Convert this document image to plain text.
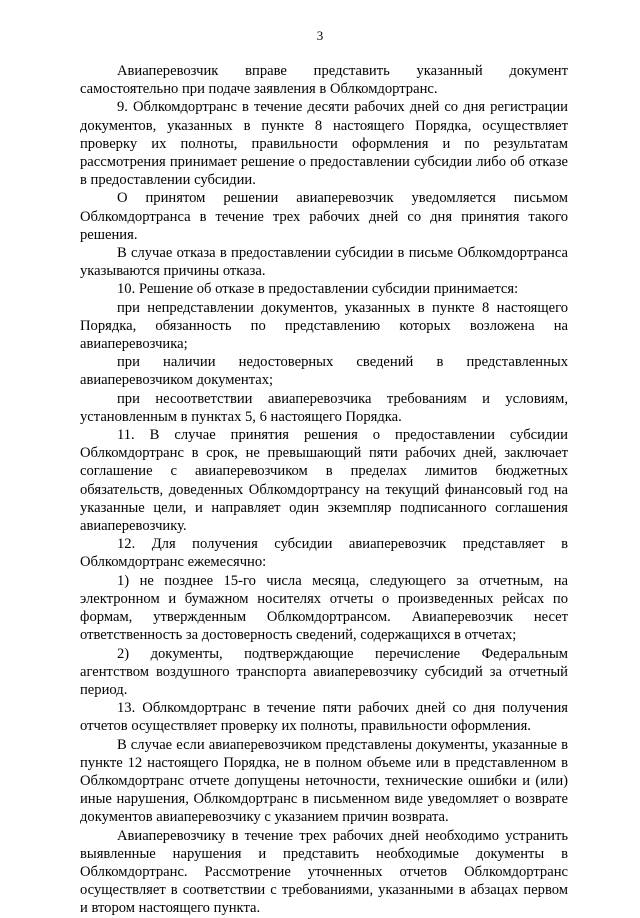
3

Авиаперевозчик вправе представить указанный документ самостоятельно при подаче заявления в Облкомдортранс.

9. Облкомдортранс в течение десяти рабочих дней со дня регистрации документов, указанных в пункте 8 настоящего Порядка, осуществляет проверку их полноты, правильности оформления и по результатам рассмотрения принимает решение о предоставлении субсидии либо об отказе в предоставлении субсидии.

О принятом решении авиаперевозчик уведомляется письмом Облкомдортранса в течение трех рабочих дней со дня принятия такого решения.

В случае отказа в предоставлении субсидии в письме Облкомдортранса указываются причины отказа.

10. Решение об отказе в предоставлении субсидии принимается:

при непредставлении документов, указанных в пункте 8 настоящего Порядка, обязанность по представлению которых возложена на авиаперевозчика;

при наличии недостоверных сведений в представленных авиаперевозчиком документах;

при несоответствии авиаперевозчика требованиям и условиям, установленным в пунктах 5, 6 настоящего Порядка.

11. В случае принятия решения о предоставлении субсидии Облкомдортранс в срок, не превышающий пяти рабочих дней, заключает соглашение с авиаперевозчиком в пределах лимитов бюджетных обязательств, доведенных Облкомдортрансу на текущий финансовый год на указанные цели, и направляет один экземпляр подписанного соглашения авиаперевозчику.

12. Для получения субсидии авиаперевозчик представляет в Облкомдортранс ежемесячно:

1) не позднее 15-го числа месяца, следующего за отчетным, на электронном и бумажном носителях отчеты о произведенных рейсах по формам, утвержденным Облкомдортрансом. Авиаперевозчик несет ответственность за достоверность сведений, содержащихся в отчетах;

2) документы, подтверждающие перечисление Федеральным агентством воздушного транспорта авиаперевозчику субсидий за отчетный период.

13. Облкомдортранс в течение пяти рабочих дней со дня получения отчетов осуществляет проверку их полноты, правильности оформления.

В случае если авиаперевозчиком представлены документы, указанные в пункте 12 настоящего Порядка, не в полном объеме или в представленном в Облкомдортранс отчете допущены неточности, технические ошибки и (или) иные нарушения, Облкомдортранс в письменном виде уведомляет о возврате документов авиаперевозчику с указанием причин возврата.

Авиаперевозчику в течение трех рабочих дней необходимо устранить выявленные нарушения и представить необходимые документы в Облкомдортранс. Рассмотрение уточненных отчетов Облкомдортранс осуществляет в соответствии с требованиями, указанными в абзацах первом и втором настоящего пункта.
